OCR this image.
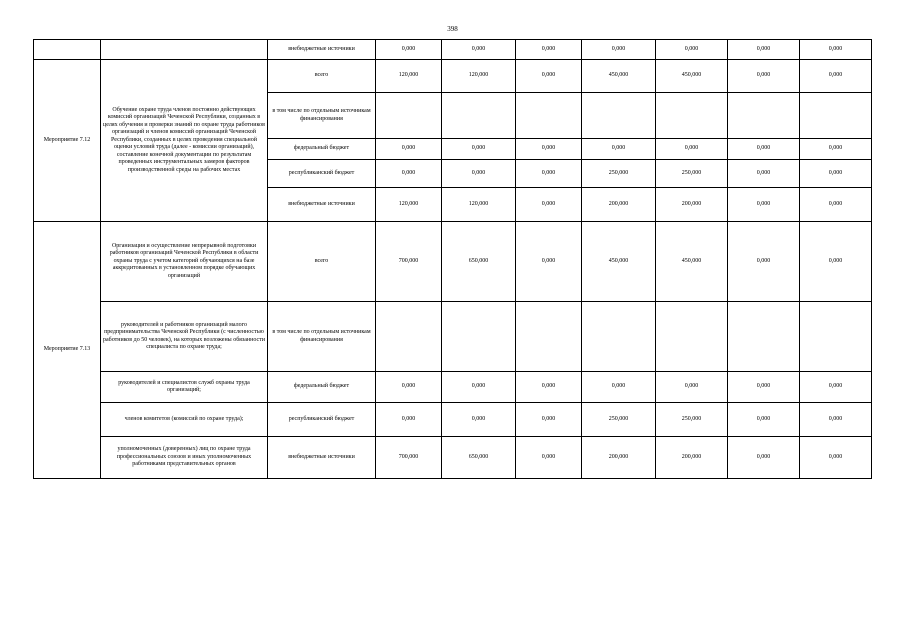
398
		внебюджетные источники	0,000	0,000	0,000	0,000	0,000	0,000	0,000
Мероприятие 7.12	Обучение охране труда членов постоянно действующих комиссий организаций Чеченской Республики, созданных в целях обучения и проверки знаний по охране труда работников организаций и членов комиссий организаций Чеченской Республики, созданных в целях проведения специальной оценки условий труда (далее - комиссии организаций), составление конечной документации по результатам проведенных инструментальных замеров факторов производственной среды на рабочих местах	всего	120,000	120,000	0,000	450,000	450,000	0,000	0,000
		в том числе по отдельным источникам финансирования							
		федеральный бюджет	0,000	0,000	0,000	0,000	0,000	0,000	0,000
		республиканский бюджет	0,000	0,000	0,000	250,000	250,000	0,000	0,000
		внебюджетные источники	120,000	120,000	0,000	200,000	200,000	0,000	0,000
Мероприятие 7.13	Организация и осуществление непрерывной подготовки работников организаций Чеченской Республики в области охраны труда с учетом категорий обучающихся на базе аккредитованных в установленном порядке обучающих организаций	всего	700,000	650,000	0,000	450,000	450,000	0,000	0,000
	руководителей и работников организаций малого предпринимательства Чеченской Республики (с численностью работников до 50 человек), на которых возложены обязанности специалиста по охране труда;	в том числе по отдельным источникам финансирования							
	руководителей и специалистов служб охраны труда организаций;	федеральный бюджет	0,000	0,000	0,000	0,000	0,000	0,000	0,000
	членов комитетов (комиссий по охране труда);	республиканский бюджет	0,000	0,000	0,000	250,000	250,000	0,000	0,000
	уполномоченных (доверенных) лиц по охране труда профессиональных союзов и иных уполномоченных работниками представительных органов	внебюджетные источники	700,000	650,000	0,000	200,000	200,000	0,000	0,000
